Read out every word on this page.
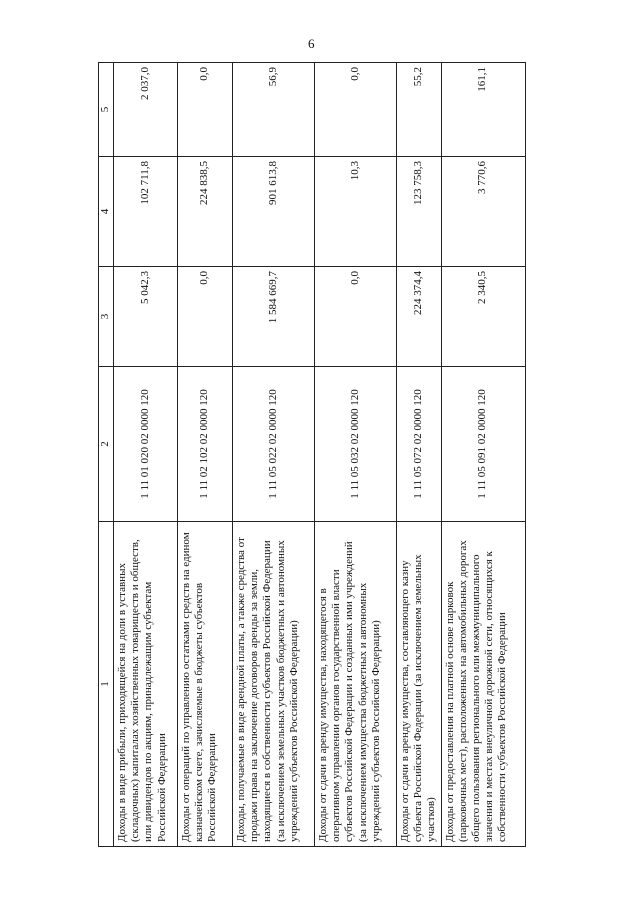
6
1	2	3	4	5
Доходы в виде прибыли, приходящейся на доли в уставных (складочных) капиталах хозяйственных товариществ и обществ, или дивидендов по акциям, принадлежащим субъектам Российской Федерации	1 11 01 020 02 0000 120	5 042,3	102 711,8	2 037,0
Доходы от операций по управлению остатками средств на едином казначейском счете, зачисляемые в бюджеты субъектов Российской Федерации	1 11 02 102 02 0000 120	0,0	224 838,5	0,0
Доходы, получаемые в виде арендной платы, а также средства от продажи права на заключение договоров аренды за земли, находящиеся в собственности субъектов Российской Федерации (за исключением земельных участков бюджетных и автономных учреждений субъектов Российской Федерации)	1 11 05 022 02 0000 120	1 584 669,7	901 613,8	56,9
Доходы от сдачи в аренду имущества, находящегося в оперативном управлении органов государственной власти субъектов Российской Федерации и созданных ими учреждений (за исключением имущества бюджетных и автономных учреждений субъектов Российской Федерации)	1 11 05 032 02 0000 120	0,0	10,3	0,0
Доходы от сдачи в аренду имущества, составляющего казну субъекта Российской Федерации (за исключением земельных участков)	1 11 05 072 02 0000 120	224 374,4	123 758,3	55,2
Доходы от предоставления на платной основе парковок (парковочных мест), расположенных на автомобильных дорогах общего пользования регионального или межмуниципального значения и местах внеуличной дорожной сети, относящихся к собственности субъектов Российской Федерации	1 11 05 091 02 0000 120	2 340,5	3 770,6	161,1
